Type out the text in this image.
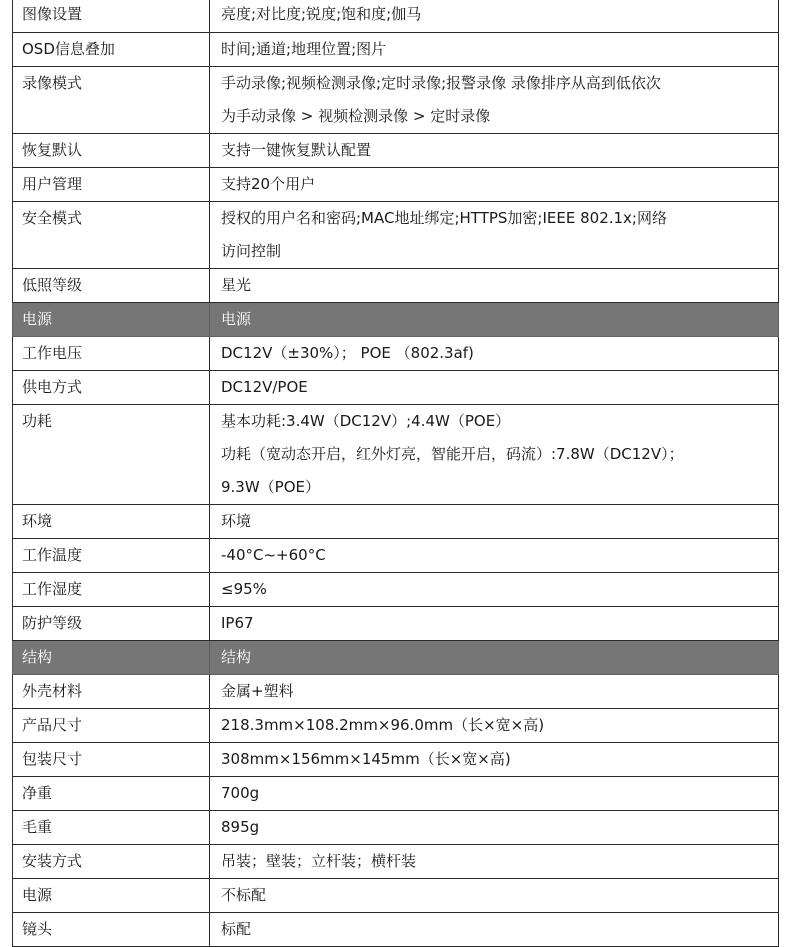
图像设置	亮度;对比度;锐度;饱和度;伽马

OSD信息叠加	时间;通道;地理位置;图片

录像模式	手动录像;视频检测录像;定时录像;报警录像 录像排序从高到低依次
为手动录像 > 视频检测录像 > 定时录像

恢复默认	支持一键恢复默认配置

用户管理	支持20个用户

安全模式	授权的用户名和密码;MAC地址绑定;HTTPS加密;IEEE 802.1x;网络
访问控制

低照等级	星光

电源	电源

工作电压	DC12V（±30%）； POE （802.3af)

供电方式	DC12V/POE

功耗	基本功耗:3.4W（DC12V）;4.4W（POE）
功耗（宽动态开启，红外灯亮，智能开启，码流）:7.8W（DC12V）；
9.3W（POE）

环境	环境

工作温度	-40°C~+60°C

工作湿度	≤95%

防护等级	IP67

结构	结构

外壳材料	金属+塑料

产品尺寸	218.3mm×108.2mm×96.0mm（长×宽×高)

包装尺寸	308mm×156mm×145mm（长×宽×高)

净重	700g

毛重	895g

安装方式	吊装；壁装；立杆装；横杆装

电源	不标配

镜头	标配
